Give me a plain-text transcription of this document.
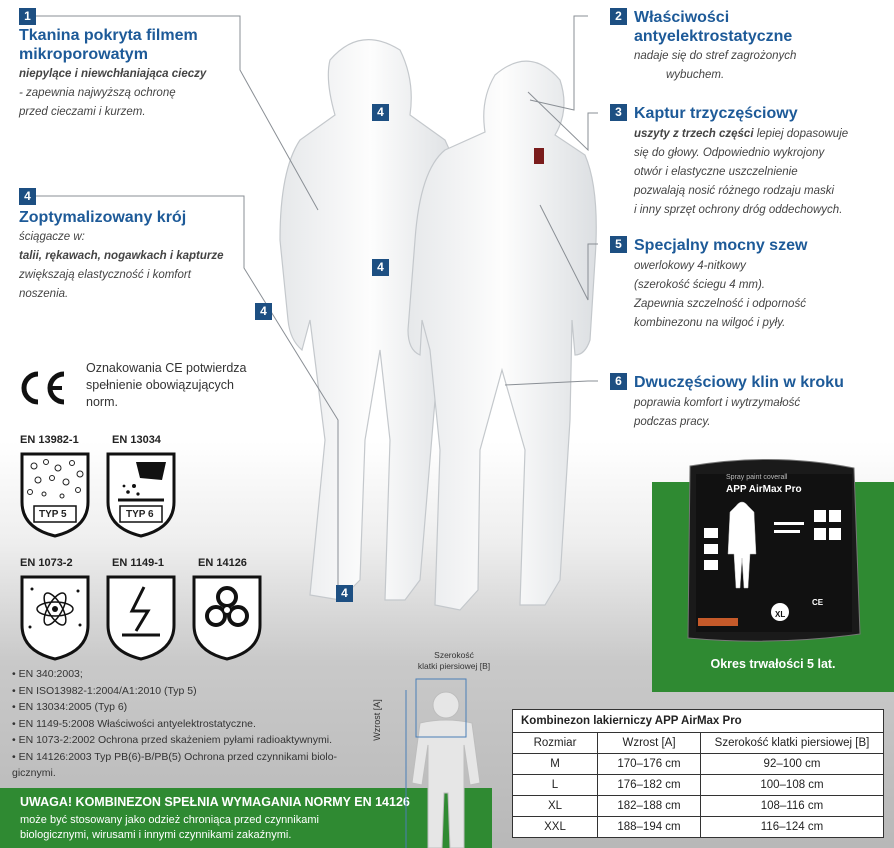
4
4
4
4
1
Tkanina pokryta filmem
mikroporowatym
niepylące i niewchłaniająca cieczy
- zapewnia najwyższą ochronę
przed cieczami i kurzem.
4
Zoptymalizowany krój
ściągacze w:
talii, rękawach, nogawkach i kapturze
zwiększają elastyczność i komfort
noszenia.
2 Właściwości
antyelektrostatyczne
nadaje się do stref zagrożonych
wybuchem.
3 Kaptur trzyczęściowy
uszyty z trzech części lepiej dopasowuje
się do głowy. Odpowiednio wykrojony
otwór i elastyczne uszczelnienie
pozwalają nosić różnego rodzaju maski
i inny sprzęt ochrony dróg oddechowych.
5 Specjalny mocny szew
owerlokowy 4-nitkowy
(szerokość ściegu 4 mm).
Zapewnia szczelność i odporność
kombinezonu na wilgoć i pyły.
6 Dwuczęściowy klin w kroku
poprawia komfort i wytrzymałość
podczas pracy.
Oznakowania CE potwierdza
spełnienie obowiązujących
norm.
EN 13982-1
TYP 5
EN 13034
TYP 6
EN 1073-2	EN 1149-1	EN 14126
• EN 340:2003;
• EN ISO13982-1:2004/A1:2010 (Typ 5)
• EN 13034:2005 (Typ 6)
• EN 1149-5:2008 Właściwości antyelektrostatyczne.
• EN 1073-2:2002 Ochrona przed skażeniem pyłami radioaktywnymi.
• EN 14126:2003 Typ PB(6)-B/PB(5) Ochrona przed czynnikami biolo-
gicznymi.
UWAGA! KOMBINEZON SPEŁNIA WYMAGANIA NORMY EN 14126
może być stosowany jako odzież chroniąca przed czynnikami
biologicznymi, wirusami i innymi czynnikami zakaźnymi.
Szerokość
klatki piersiowej [B]
Wzrost [A]
Spray paint coverall
APP AirMax Pro
XL
CE
Okres trwałości 5 lat.
Kombinezon lakierniczy APP AirMax Pro		
Rozmiar	Wzrost [A]	Szerokość klatki piersiowej [B]
M	170–176 cm	92–100 cm
L	176–182 cm	100–108 cm
XL	182–188 cm	108–116 cm
XXL	188–194 cm	116–124 cm
